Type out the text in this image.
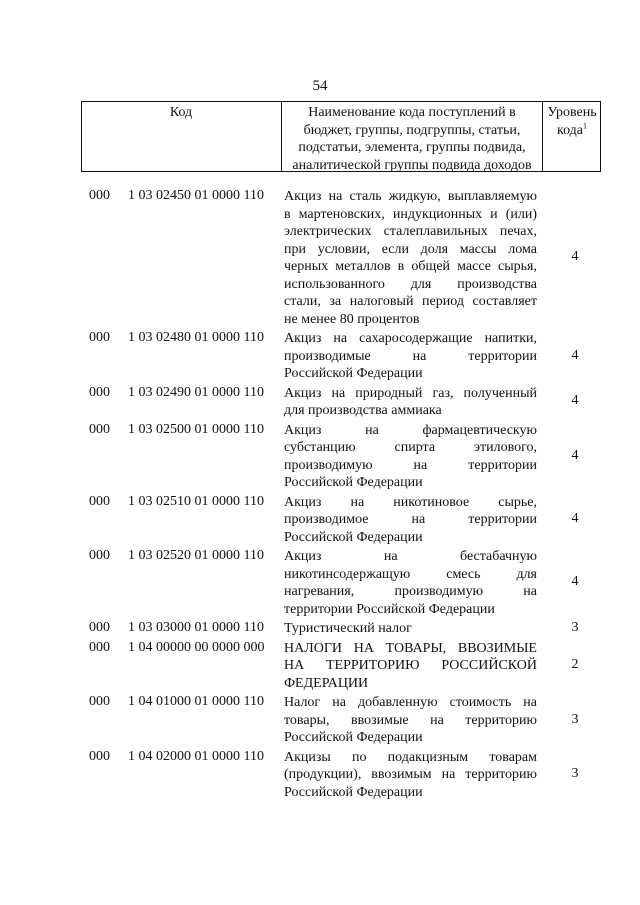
54
Код	Наименование кода поступлений в
бюджет, группы, подгруппы, статьи,
подстатьи, элемента, группы подвида,
аналитической группы подвида доходов
Уровень
кода$^1$
000 1 03 02450 01 0000 110 Акциз на сталь жидкую, выплавляемую
в мартеновских, индукционных и (или)
электрических сталеплавильных печах,
при условии, если доля массы лома
черных металлов в общей массе сырья,
использованного для производства
стали, за налоговый период составляет
не менее 80 процентов
4
000 1 03 02480 01 0000 110 Акциз на сахаросодержащие напитки,
производимые на территории
Российской Федерации
4
000 1 03 02490 01 0000 110 Акциз на природный газ, полученный
для производства аммиака
4
000 1 03 02500 01 0000 110 Акциз на фармацевтическую
субстанцию спирта этилового,
производимую на территории
Российской Федерации
4
000 1 03 02510 01 0000 110 Акциз на никотиновое сырье,
производимое на территории
Российской Федерации
4
000 1 03 02520 01 0000 110 Акциз на бестабачную
никотинсодержащую смесь для
нагревания, производимую на
территории Российской Федерации
4
000 1 03 03000 01 0000 110 Туристический налог	3
000 1 04 00000 00 0000 000 НАЛОГИ НА ТОВАРЫ, ВВОЗИМЫЕ
НА ТЕРРИТОРИЮ РОССИЙСКОЙ
ФЕДЕРАЦИИ
2
000 1 04 01000 01 0000 110 Налог на добавленную стоимость на
товары, ввозимые на территорию
Российской Федерации
3
000 1 04 02000 01 0000 110 Акцизы по подакцизным товарам
(продукции), ввозимым на территорию
Российской Федерации
3
